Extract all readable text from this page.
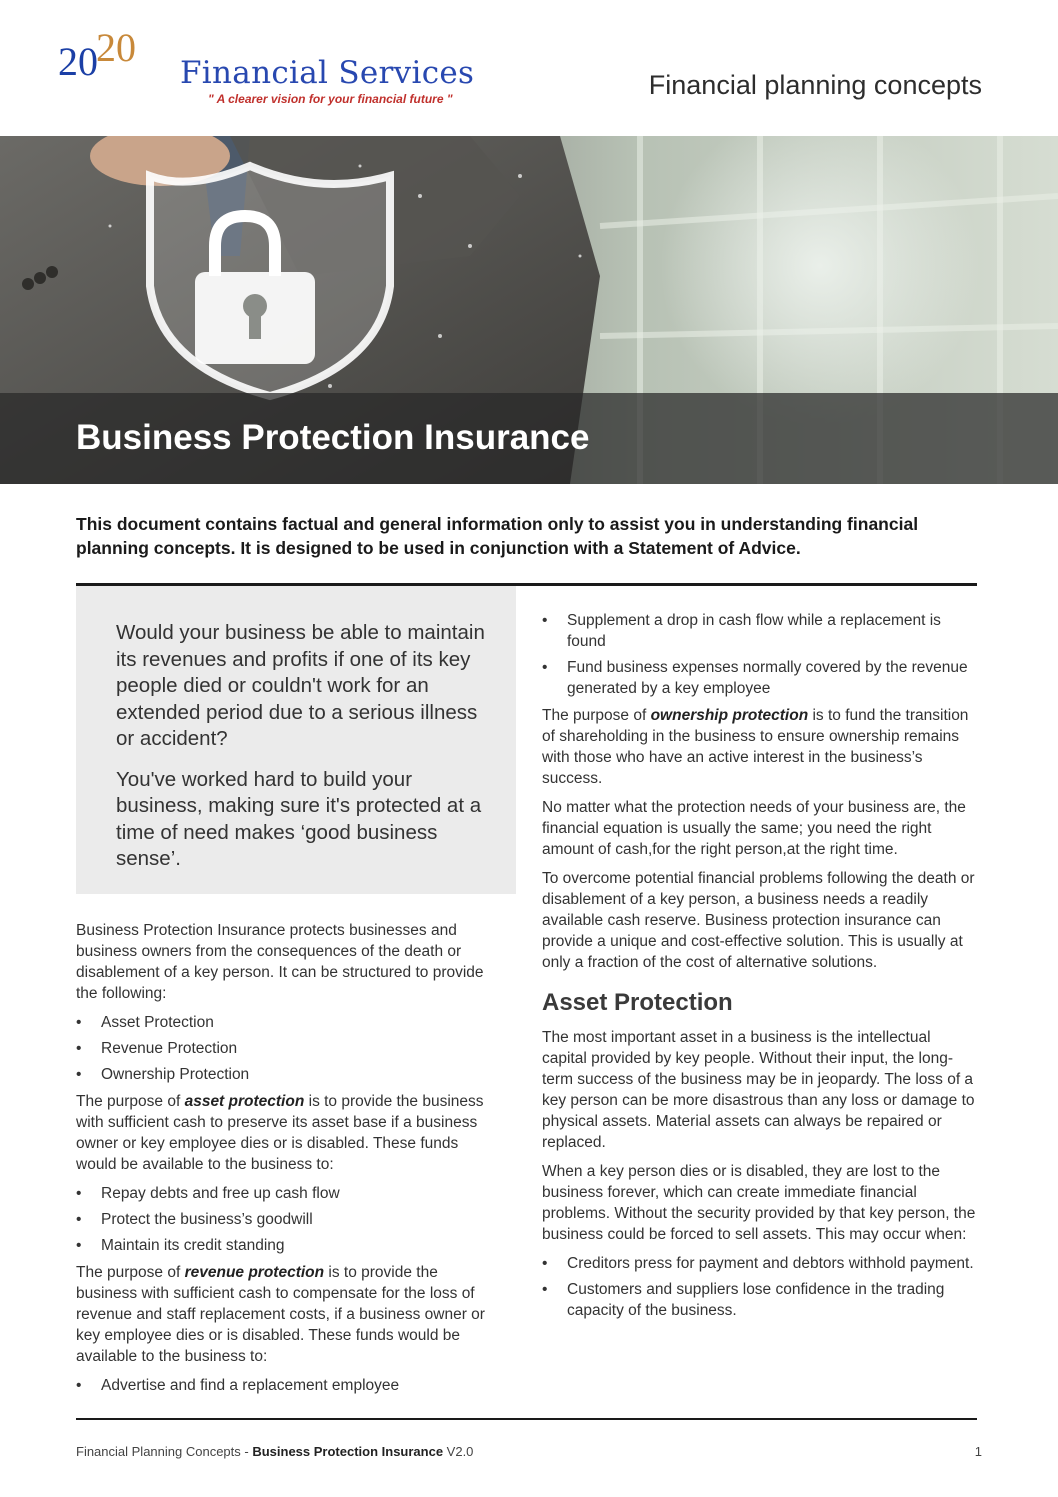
2020
Financial Services
" A clearer vision for your financial future "	Financial planning concepts
Business Protection Insurance
This document contains factual and general information only to assist you in understanding financial planning concepts. It is designed to be used in conjunction with a Statement of Advice.

Would your business be able to maintain its revenues and profits if one of its key people died or couldn't work for an extended period due to a serious illness or accident?

You've worked hard to build your business, making sure it's protected at a time of need makes ‘good business sense’.

Business Protection Insurance protects businesses and business owners from the consequences of the death or disablement of a key person. It can be structured to provide the following:

• Asset Protection
• Revenue Protection
• Ownership Protection

The purpose of asset protection is to provide the business with sufficient cash to preserve its asset base if a business owner or key employee dies or is disabled. These funds would be available to the business to:

• Repay debts and free up cash flow
• Protect the business’s goodwill
• Maintain its credit standing

The purpose of revenue protection is to provide the business with sufficient cash to compensate for the loss of revenue and staff replacement costs, if a business owner or key employee dies or is disabled. These funds would be available to the business to:

• Advertise and find a replacement employee
• Supplement a drop in cash flow while a replacement is found
• Fund business expenses normally covered by the revenue generated by a key employee

The purpose of ownership protection is to fund the transition of shareholding in the business to ensure ownership remains with those who have an active interest in the business’s success.

No matter what the protection needs of your business are, the financial equation is usually the same; you need the right amount of cash,for the right person,at the right time.

To overcome potential financial problems following the death or disablement of a key person, a business needs a readily available cash reserve. Business protection insurance can provide a unique and cost-effective solution. This is usually at only a fraction of the cost of alternative solutions.

Asset Protection

The most important asset in a business is the intellectual capital provided by key people. Without their input, the long-term success of the business may be in jeopardy. The loss of a key person can be more disastrous than any loss or damage to physical assets. Material assets can always be repaired or replaced.

When a key person dies or is disabled, they are lost to the business forever, which can create immediate financial problems. Without the security provided by that key person, the business could be forced to sell assets. This may occur when:

• Creditors press for payment and debtors withhold payment.
• Customers and suppliers lose confidence in the trading capacity of the business.
Financial Planning Concepts - Business Protection Insurance V2.0	1
